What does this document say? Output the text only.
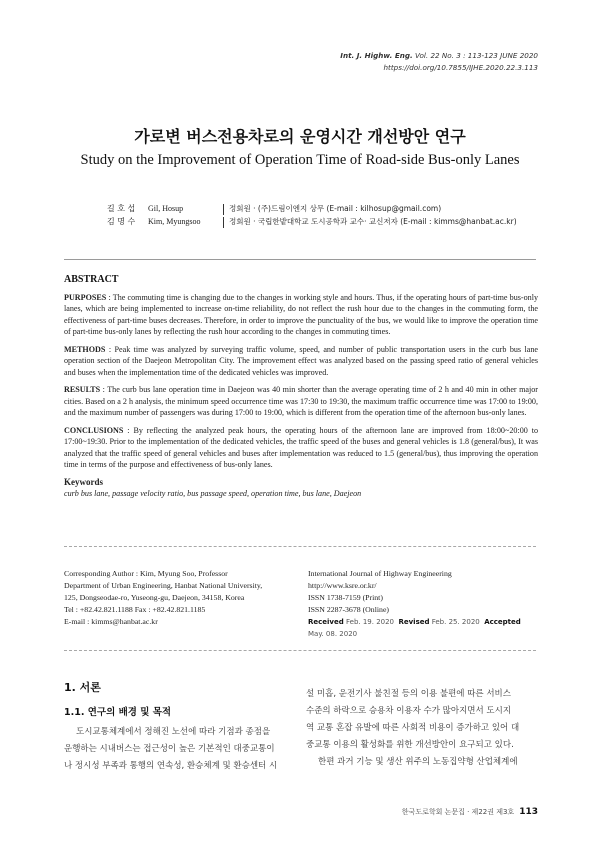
Int. J. Highw. Eng. Vol. 22 No. 3 : 113-123 JUNE 2020
https://doi.org/10.7855/IJHE.2020.22.3.113
가로변 버스전용차로의 운영시간 개선방안 연구
Study on the Improvement of Operation Time of Road-side Bus-only Lanes
길 호 섭 Gil, Hosup	정회원 · (주)드림이엔지 상무 (E-mail : kilhosup@gmail.com)
김 명 수 Kim, Myungsoo	정회원 · 국립한밭대학교 도시공학과 교수· 교신저자 (E-mail : kimms@hanbat.ac.kr)
ABSTRACT

PURPOSES : The commuting time is changing due to the changes in working style and hours. Thus, if the operating hours of part-time bus-only lanes, which are being implemented to increase on-time reliability, do not reflect the rush hour due to the changes in the commuting form, the effectiveness of part-time buses decreases. Therefore, in order to improve the punctuality of the bus, we would like to improve the operation time of part-time bus-only lanes by reflecting the rush hour according to the changes in commuting times.

METHODS : Peak time was analyzed by surveying traffic volume, speed, and number of public transportation users in the curb bus lane operation section of the Daejeon Metropolitan City. The improvement effect was analyzed based on the passing speed ratio of general vehicles and buses when the implementation time of the dedicated vehicles was improved.

RESULTS : The curb bus lane operation time in Daejeon was 40 min shorter than the average operating time of 2 h and 40 min in other major cities. Based on a 2 h analysis, the minimum speed occurrence time was 17:30 to 19:30, the maximum traffic occurrence time was 17:00 to 19:00, and the maximum number of passengers was during 17:00 to 19:00, which is different from the operation time of the afternoon bus-only lanes.

CONCLUSIONS : By reflecting the analyzed peak hours, the operating hours of the afternoon lane are improved from 18:00~20:00 to 17:00~19:30. Prior to the implementation of the dedicated vehicles, the traffic speed of the buses and general vehicles is 1.8 (general/bus), It was analyzed that the traffic speed of general vehicles and buses after implementation was reduced to 1.5 (general/bus), thus improving the operation time in terms of the purpose and effectiveness of bus-only lanes.

Keywords
curb bus lane, passage velocity ratio, bus passage speed, operation time, bus lane, Daejeon
Corresponding Author : Kim, Myung Soo, Professor
Department of Urban Engineering, Hanbat National University,
125, Dongseodae-ro, Yuseong-gu, Daejeon, 34158, Korea
Tel : +82.42.821.1188 Fax : +82.42.821.1185
E-mail : kimms@hanbat.ac.kr
International Journal of Highway Engineering
http://www.ksre.or.kr/
ISSN 1738-7159 (Print)
ISSN 2287-3678 (Online)
Received Feb. 19. 2020 Revised Feb. 25. 2020 Accepted May. 08. 2020
1. 서론
1.1. 연구의 배경 및 목적
도시교통체계에서 정해진 노선에 따라 기점과 종점을
운행하는 시내버스는 접근성이 높은 기본적인 대중교통이
나 정시성 부족과 통행의 연속성, 환승체계 및 환승센터 시
설 미흡, 운전기사 불친절 등의 이용 불편에 따른 서비스
수준의 하락으로 승용차 이용자 수가 많아지면서 도시지
역 교통 혼잡 유발에 따른 사회적 비용이 증가하고 있어 대
중교통 이용의 활성화를 위한 개선방안이 요구되고 있다.
한편 과거 기능 및 생산 위주의 노동집약형 산업체계에
한국도로학회 논문집 · 제22권 제3호 113
